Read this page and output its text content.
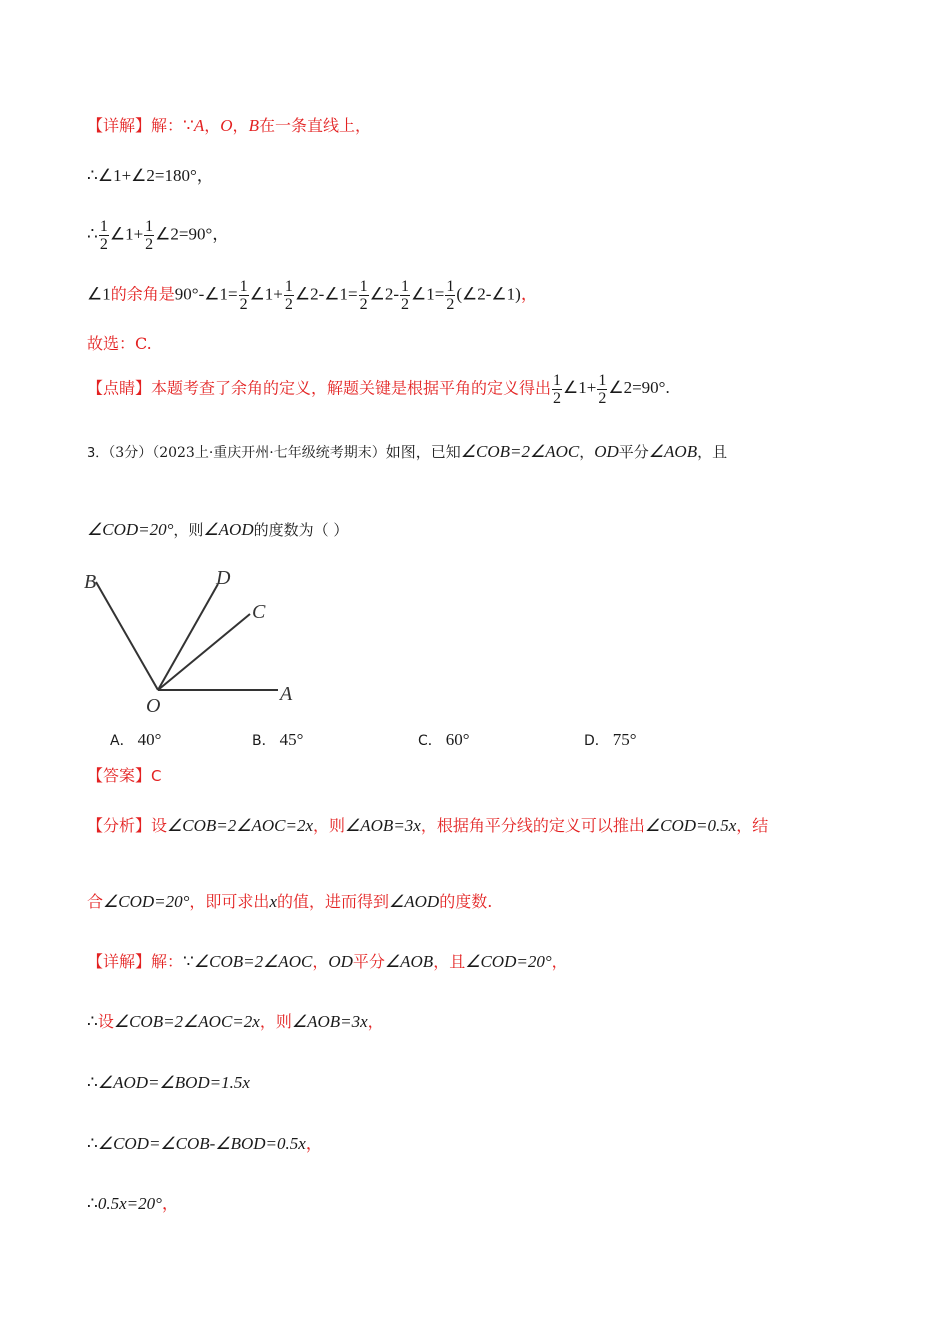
【详解】解：∵A，O，B在一条直线上，
∴∠1+∠2=180°，
∴ $\frac{1}{2}$ ∠1+ $\frac{1}{2}$ ∠2=90°，
∠1的余角是90°-∠1= $\frac{1}{2}$ ∠1+ $\frac{1}{2}$ ∠2-∠1= $\frac{1}{2}$ ∠2- $\frac{1}{2}$ ∠1= $\frac{1}{2}$ (∠2-∠1)，
故选：C.
【点睛】本题考查了余角的定义，解题关键是根据平角的定义得出 $\frac{1}{2}$ ∠1+ $\frac{1}{2}$ ∠2=90°.
3．（3分）（2023上·重庆开州·七年级统考期末）如图，已知∠COB=2∠AOC，OD平分∠AOB，且
∠COD=20°，则∠AOD的度数为（ ）
B	D
C
O
A
A． 40°	B． 45°	C． 60°	D． 75°
【答案】C
【分析】设∠COB=2∠AOC=2x，则∠AOB=3x，根据角平分线的定义可以推出∠COD=0.5x，结
合∠COD=20°，即可求出x的值，进而得到∠AOD的度数.
【详解】解：∵∠COB=2∠AOC，OD平分∠AOB，且∠COD=20°，
∴设∠COB=2∠AOC=2x，则∠AOB=3x，
∴∠AOD=∠BOD=1.5x
∴∠COD=∠COB-∠BOD=0.5x，
∴0.5x=20°，
